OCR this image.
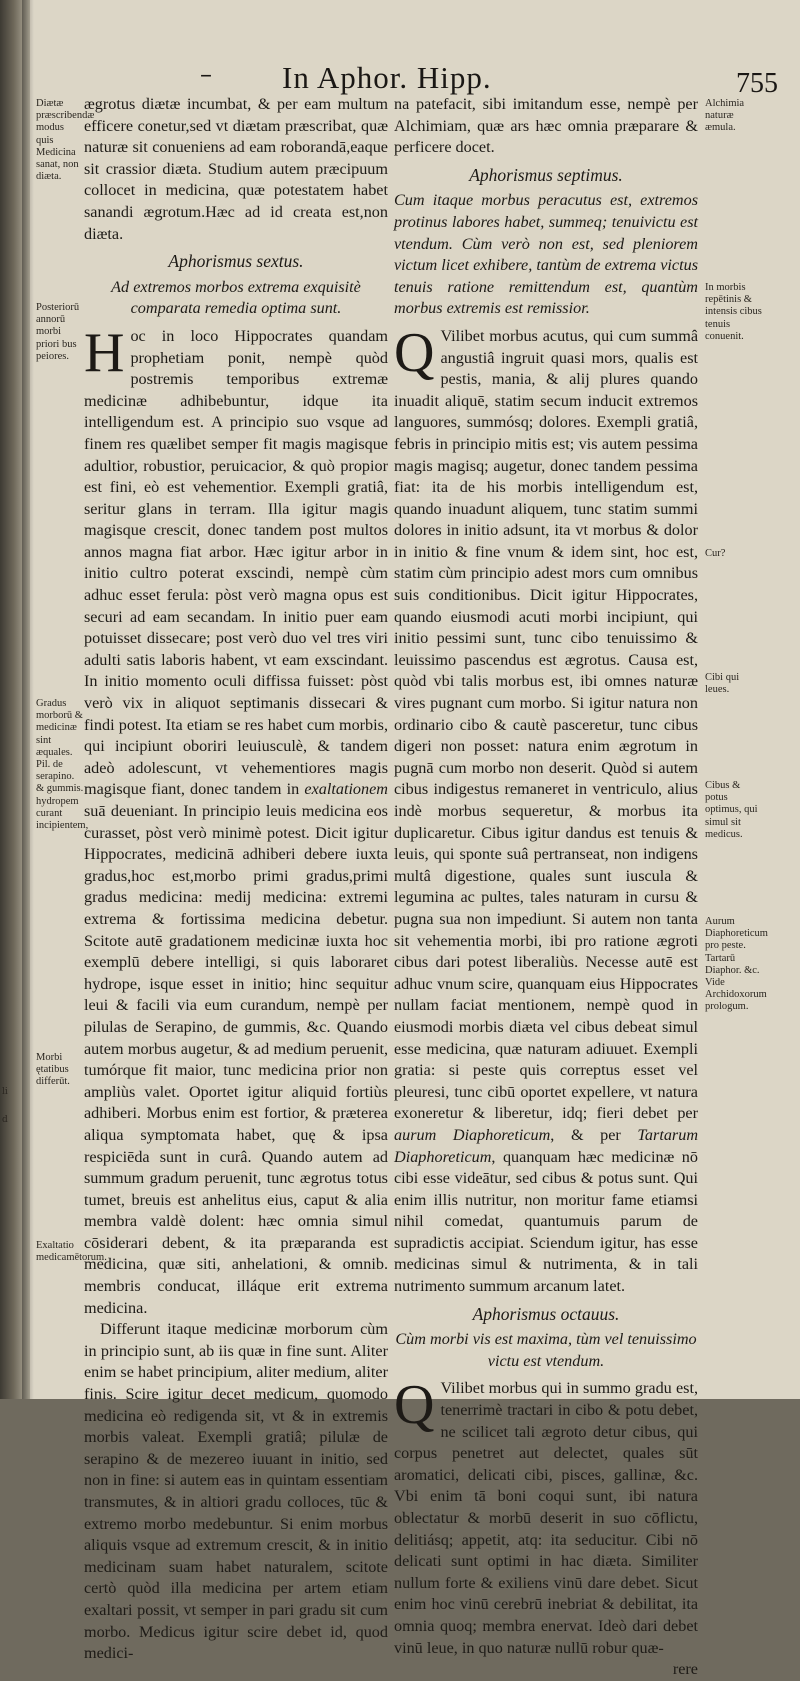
– In Aphor. Hipp.	755
Diætæ præscribendæ modus quis Medicina sanat, non diæta.
Posteriorū annorū morbi priori bus peiores.
Gradus morborū & medicinæ sint æquales. Pil. de serapino. & gummis. hydropem curant incipientem,
Morbi ętatibus differūt.
Exaltatio medicamētorum.
li
d
Alchimia naturæ æmula.
In morbis repētinis & intensis cibus tenuis conuenit.
Cur?
Cibi qui leues.
Cibus & potus optimus, qui simul sit medicus.
Aurum Diaphoreticum pro peste. Tartarū Diaphor. &c. Vide Archidoxorum prologum.

ægrotus diætæ incumbat, & per eam multum efficere conetur,sed vt diætam præscribat, quæ naturæ sit conueniens ad eam roborandā,eaque sit crassior diæta. Studium autem præcipuum collocet in medicina, quæ potestatem habet sanandi ægrotum.Hæc ad id creata est,non diæta.

Aphorismus sextus.

Ad extremos morbos extrema exquisitè comparata remedia optima sunt.

Hoc in loco Hippocrates quandam prophetiam ponit, nempè quòd postremis temporibus extremæ medicinæ adhibebuntur, idque ita intelligendum est. A principio suo vsque ad finem res quælibet semper fit magis magisque adultior, robustior, peruicacior, & quò propior est fini, eò est vehementior. Exempli gratiâ, seritur glans in terram. Illa igitur magis magisque crescit, donec tandem post multos annos magna fiat arbor. Hæc igitur arbor in initio cultro poterat exscindi, nempè cùm adhuc esset ferula: pòst verò magna opus est securi ad eam secandam. In initio puer eam potuisset dissecare; post verò duo vel tres viri adulti satis laboris habent, vt eam exscindant. In initio momento oculi diffissa fuisset: pòst verò vix in aliquot septimanis dissecari & findi potest. Ita etiam se res habet cum morbis, qui incipiunt oboriri leuiusculè, & tandem adeò adolescunt, vt vehementiores magis magisque fiant, donec tandem in exaltationem suā deueniant. In principio leuis medicina eos curasset, pòst verò minimè potest. Dicit igitur Hippocrates, medicinā adhiberi debere iuxta gradus,hoc est,morbo primi gradus,primi gradus medicina: medij medicina: extremi extrema & fortissima medicina debetur. Scitote autē gradationem medicinæ iuxta hoc exemplū debere intelligi, si quis laboraret hydrope, isque esset in initio; hinc sequitur leui & facili via eum curandum, nempè per pilulas de Serapino, de gummis, &c. Quando autem morbus augetur, & ad medium peruenit, tumórque fit maior, tunc medicina prior non ampliùs valet. Oportet igitur aliquid fortiùs adhiberi. Morbus enim est fortior, & præterea aliqua symptomata habet, quę & ipsa respiciēda sunt in curâ. Quando autem ad summum gradum peruenit, tunc ægrotus totus tumet, breuis est anhelitus eius, caput & alia membra valdè dolent: hæc omnia simul cōsiderari debent, & ita præparanda est medicina, quæ siti, anhelationi, & omnib. membris conducat, illáque erit extrema medicina.

Differunt itaque medicinæ morborum cùm in principio sunt, ab iis quæ in fine sunt. Aliter enim se habet principium, aliter medium, aliter finis. Scire igitur decet medicum, quomodo medicina eò redigenda sit, vt & in extremis morbis valeat. Exempli gratiâ; pilulæ de serapino & de mezereo iuuant in initio, sed non in fine: si autem eas in quintam essentiam transmutes, & in altiori gradu colloces, tūc & extremo morbo medebuntur. Si enim morbus aliquis vsque ad extremum crescit, & in initio medicinam suam habet naturalem, scitote certò quòd illa medicina per artem etiam exaltari possit, vt semper in pari gradu sit cum morbo. Medicus igitur scire debet id, quod medici-

na patefacit, sibi imitandum esse, nempè per Alchimiam, quæ ars hæc omnia præparare & perficere docet.

Aphorismus septimus.

Cum itaque morbus peracutus est, extremos protinus labores habet, summeq; tenuivictu est vtendum. Cùm verò non est, sed pleniorem victum licet exhibere, tantùm de extrema victus tenuis ratione remittendum est, quantùm morbus extremis est remissior.

Q Vilibet morbus acutus, qui cum summâ angustiâ ingruit quasi mors, qualis est pestis, mania, & alij plures quando inuadit aliquē, statim secum inducit extremos languores, summósq; dolores. Exempli gratiâ, febris in principio mitis est; vis autem pessima magis magisq; augetur, donec tandem pessima fiat: ita de his morbis intelligendum est, quando inuadunt aliquem, tunc statim summi dolores in initio adsunt, ita vt morbus & dolor in initio & fine vnum & idem sint, hoc est, statim cùm principio adest mors cum omnibus suis conditionibus. Dicit igitur Hippocrates, quando eiusmodi acuti morbi incipiunt, qui initio pessimi sunt, tunc cibo tenuissimo & leuissimo pascendus est ægrotus. Causa est, quòd vbi talis morbus est, ibi omnes naturæ vires pugnant cum morbo. Si igitur natura non ordinario cibo & cautè pasceretur, tunc cibus digeri non posset: natura enim ægrotum in pugnā cum morbo non deserit. Quòd si autem cibus indigestus remaneret in ventriculo, alius indè morbus sequeretur, & morbus ita duplicaretur. Cibus igitur dandus est tenuis & leuis, qui sponte suâ pertranseat, non indigens multâ digestione, quales sunt iuscula & legumina ac pultes, tales naturam in cursu & pugna sua non impediunt. Si autem non tanta sit vehementia morbi, ibi pro ratione ægroti cibus dari potest liberaliùs. Necesse autē est adhuc vnum scire, quanquam eius Hippocrates nullam faciat mentionem, nempè quod in eiusmodi morbis diæta vel cibus debeat simul esse medicina, quæ naturam adiuuet. Exempli gratia: si peste quis correptus esset vel pleuresi, tunc cibū oportet expellere, vt natura exoneretur & liberetur, idq; fieri debet per aurum Diaphoreticum, & per Tartarum Diaphoreticum, quanquam hæc medicinæ nō cibi esse videātur, sed cibus & potus sunt. Qui enim illis nutritur, non moritur fame etiamsi nihil comedat, quantumuis parum de supradictis accipiat. Sciendum igitur, has esse medicinas simul & nutrimenta, & in tali nutrimento summum arcanum latet.

Aphorismus octauus.

Cùm morbi vis est maxima, tùm vel tenuissimo victu est vtendum.

Q Vilibet morbus qui in summo gradu est, tenerrimè tractari in cibo & potu debet, ne scilicet tali ægroto detur cibus, qui corpus penetret aut delectet, quales sūt aromatici, delicati cibi, pisces, gallinæ, &c. Vbi enim tā boni coqui sunt, ibi natura oblectatur & morbū deserit in suo cōflictu, delitiásq; appetit, atq: ita seducitur. Cibi nō delicati sunt optimi in hac diæta. Similiter nullum forte & exiliens vinū dare debet. Sicut enim hoc vinū cerebrū inebriat & debilitat, ita omnia quoq; membra enervat. Ideò dari debet vinū leue, in quo naturæ nullū robur quæ-

rere
